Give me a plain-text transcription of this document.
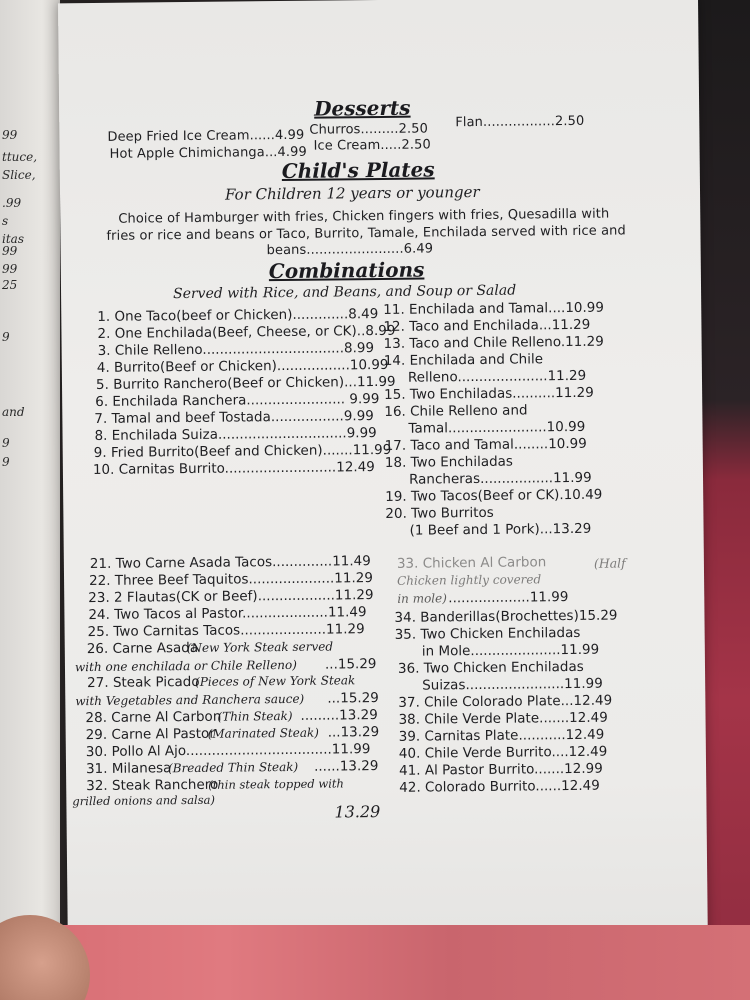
99
ttuce,
Slice,
.99
s
itas
99
99
25
9
and
9
9
Desserts
Deep Fried Ice Cream......4.99
Hot Apple Chimichanga...4.99
Churros.........2.50
Ice Cream.....2.50
Flan.................2.50
Child's Plates
For Children 12 years or younger
Choice of Hamburger with fries, Chicken fingers with fries, Quesadilla with
fries or rice and beans or Taco, Burrito, Tamale, Enchilada served with rice and
beans.......................6.49
Combinations
Served with Rice, and Beans, and Soup or Salad
1. One Taco(beef or Chicken).............8.49
2. One Enchilada(Beef, Cheese, or CK)..8.99
3. Chile Relleno.................................8.99
4. Burrito(Beef or Chicken).................10.99
5. Burrito Ranchero(Beef or Chicken)...11.99
6. Enchilada Ranchera....................... 9.99
7. Tamal and beef Tostada.................9.99
8. Enchilada Suiza..............................9.99
9. Fried Burrito(Beef and Chicken).......11.99
10. Carnitas Burrito..........................12.49
11. Enchilada and Tamal....10.99
12. Taco and Enchilada...11.29
13. Taco and Chile Relleno.11.29
14. Enchilada and Chile
Relleno.....................11.29
15. Two Enchiladas..........11.29
16. Chile Relleno and
Tamal.......................10.99
17. Taco and Tamal........10.99
18. Two Enchiladas
Rancheras.................11.99
19. Two Tacos(Beef or CK).10.49
20. Two Burritos
(1 Beef and 1 Pork)...13.29
21. Two Carne Asada Tacos..............11.49
22. Three Beef Taquitos....................11.29
23. 2 Flautas(CK or Beef)..................11.29
24. Two Tacos al Pastor....................11.49
25. Two Carnitas Tacos....................11.29
26. Carne Asada
(New York Steak served
with one enchilada or Chile Relleno) ...15.29
27. Steak Picado
(Pieces of New York Steak
with Vegetables and Ranchera sauce) ...15.29
28. Carne Al Carbon
(Thin Steak) .........13.29
29. Carne Al Pastor
(Marinated Steak) ...13.29
30. Pollo Al Ajo..................................11.99
31. Milanesa
(Breaded Thin Steak) ......13.29
32. Steak Ranchero
(thin steak topped with
grilled onions and salsa)
13.29
33. Chicken Al Carbon	(Half
Chicken lightly covered
in mole) ...................11.99
34. Banderillas(Brochettes)15.29
35. Two Chicken Enchiladas
in Mole.....................11.99
36. Two Chicken Enchiladas
Suizas.......................11.99
37. Chile Colorado Plate...12.49
38. Chile Verde Plate.......12.49
39. Carnitas Plate...........12.49
40. Chile Verde Burrito....12.49
41. Al Pastor Burrito.......12.99
42. Colorado Burrito......12.49
